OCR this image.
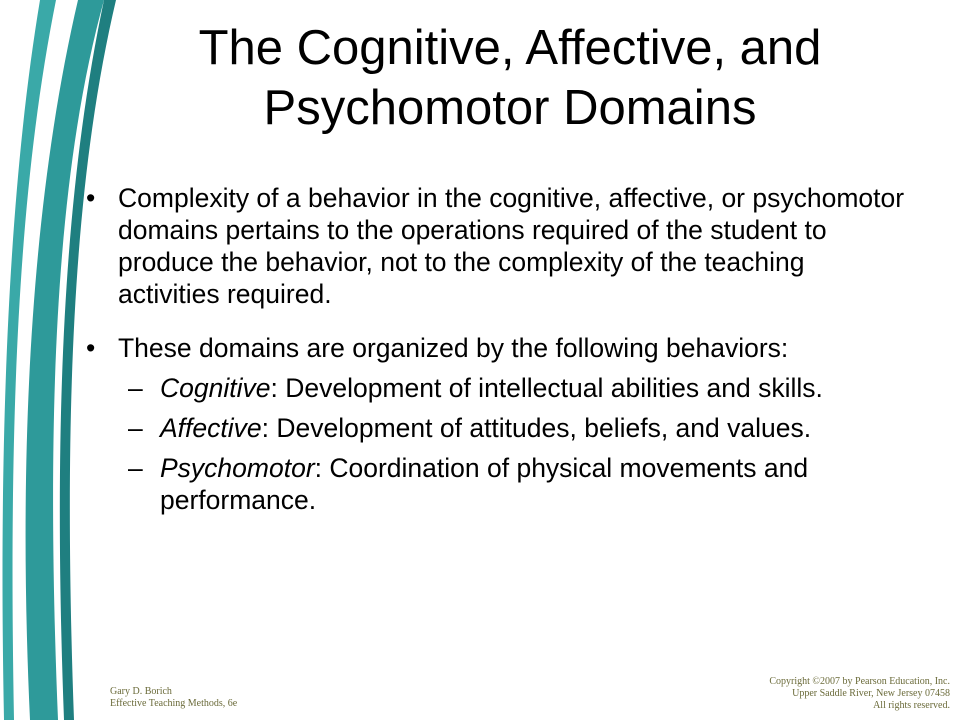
The Cognitive, Affective, and
Psychomotor Domains
• Complexity of a behavior in the cognitive, affective, or psychomotor domains pertains to the operations required of the student to produce the behavior, not to the complexity of the teaching activities required.
• These domains are organized by the following behaviors:
– Cognitive: Development of intellectual abilities and skills.
– Affective: Development of attitudes, beliefs, and values.
– Psychomotor: Coordination of physical movements and performance.
Gary D. Borich
Effective Teaching Methods, 6e
Copyright ©2007 by Pearson Education, Inc.
Upper Saddle River, New Jersey 07458
All rights reserved.
